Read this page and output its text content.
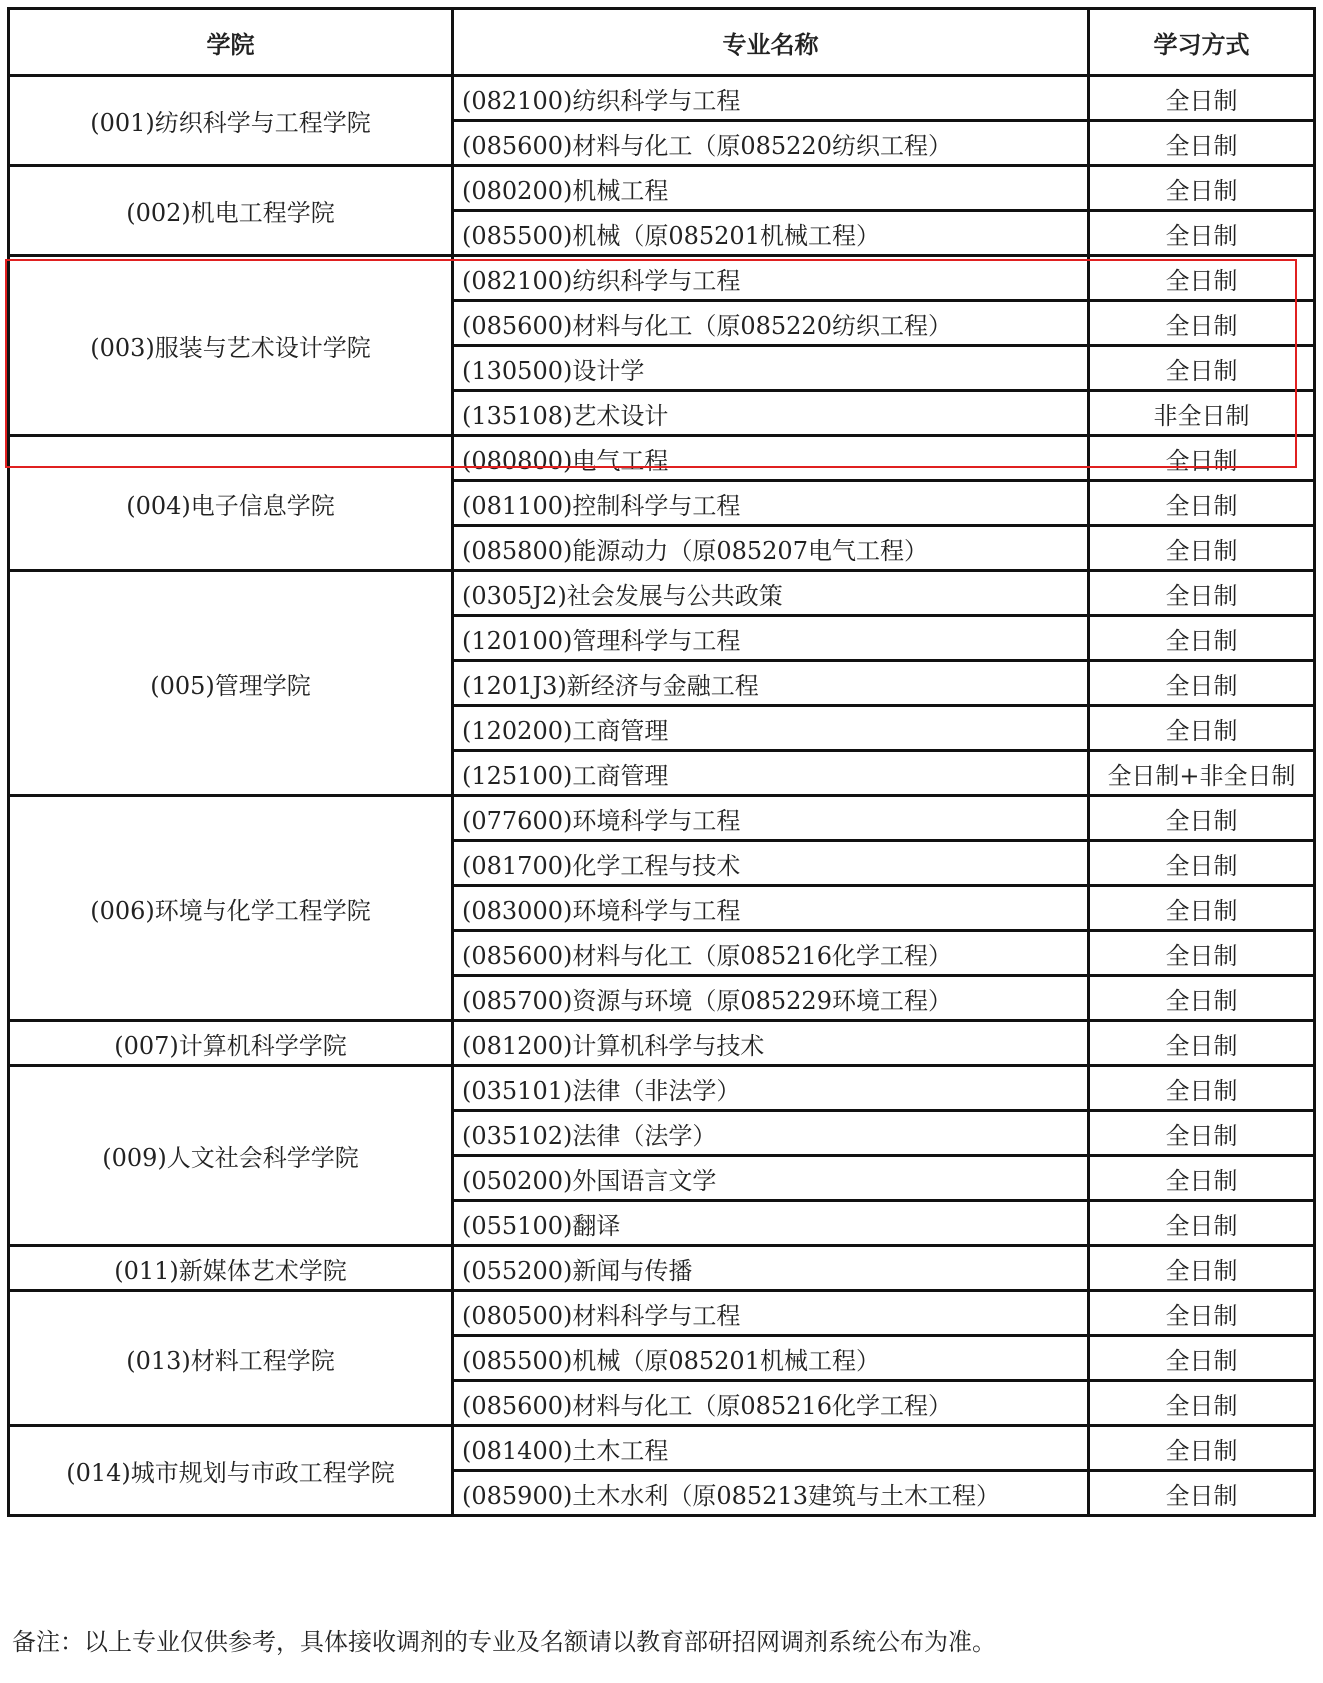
学院	专业名称	学习方式
(001)纺织科学与工程学院	(082100)纺织科学与工程	全日制
	(085600)材料与化工（原085220纺织工程）	全日制
(002)机电工程学院	(080200)机械工程	全日制
	(085500)机械（原085201机械工程）	全日制
(003)服装与艺术设计学院	(082100)纺织科学与工程	全日制
	(085600)材料与化工（原085220纺织工程）	全日制
	(130500)设计学	全日制
	(135108)艺术设计	非全日制
(004)电子信息学院	(080800)电气工程	全日制
	(081100)控制科学与工程	全日制
	(085800)能源动力（原085207电气工程）	全日制
(005)管理学院	(0305J2)社会发展与公共政策	全日制
	(120100)管理科学与工程	全日制
	(1201J3)新经济与金融工程	全日制
	(120200)工商管理	全日制
	(125100)工商管理	全日制+非全日制
(006)环境与化学工程学院	(077600)环境科学与工程	全日制
	(081700)化学工程与技术	全日制
	(083000)环境科学与工程	全日制
	(085600)材料与化工（原085216化学工程）	全日制
	(085700)资源与环境（原085229环境工程）	全日制
(007)计算机科学学院	(081200)计算机科学与技术	全日制
(009)人文社会科学学院	(035101)法律（非法学）	全日制
	(035102)法律（法学）	全日制
	(050200)外国语言文学	全日制
	(055100)翻译	全日制
(011)新媒体艺术学院	(055200)新闻与传播	全日制
(013)材料工程学院	(080500)材料科学与工程	全日制
	(085500)机械（原085201机械工程）	全日制
	(085600)材料与化工（原085216化学工程）	全日制
(014)城市规划与市政工程学院	(081400)土木工程	全日制
	(085900)土木水利（原085213建筑与土木工程）	全日制
备注：以上专业仅供参考，具体接收调剂的专业及名额请以教育部研招网调剂系统公布为准。
